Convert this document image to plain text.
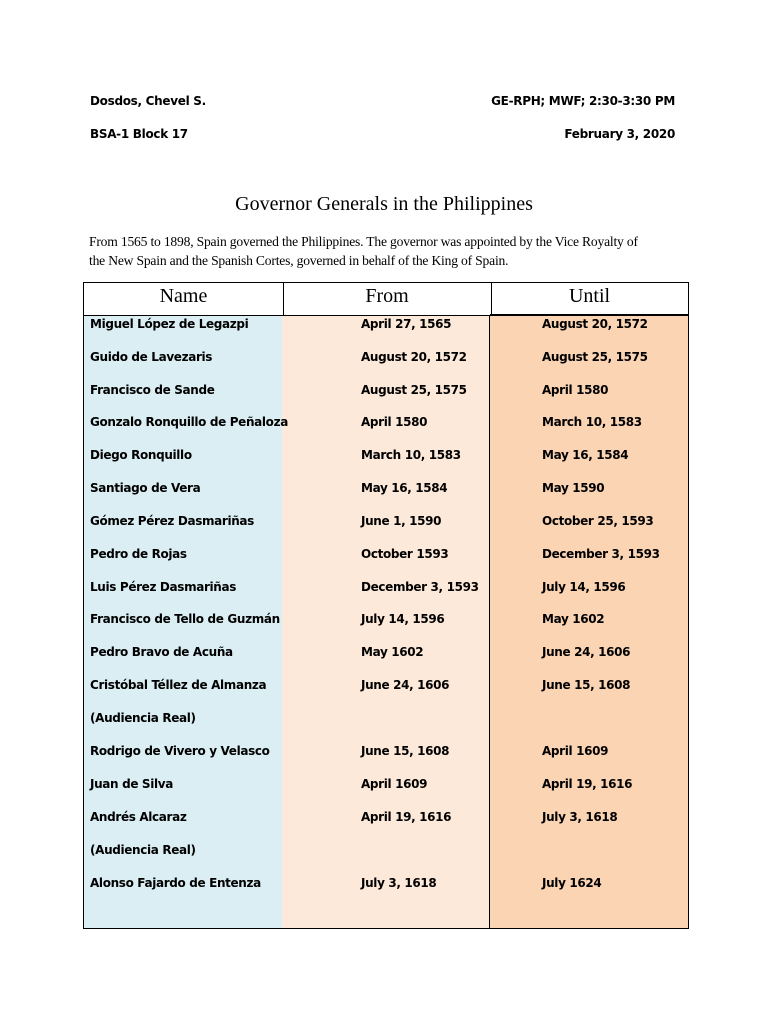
Dosdos, Chevel S.	GE-RPH; MWF; 2:30-3:30 PM
BSA-1 Block 17	February 3, 2020
Governor Generals in the Philippines
From 1565 to 1898, Spain governed the Philippines. The governor was appointed by the Vice Royalty of
the New Spain and the Spanish Cortes, governed in behalf of the King of Spain.
Name	From	Until
Miguel López de Legazpi	April 27, 1565	August 20, 1572
Guido de Lavezaris	August 20, 1572	August 25, 1575
Francisco de Sande	August 25, 1575	April 1580
Gonzalo Ronquillo de Peñaloza	April 1580	March 10, 1583
Diego Ronquillo	March 10, 1583	May 16, 1584
Santiago de Vera	May 16, 1584	May 1590
Gómez Pérez Dasmariñas	June 1, 1590	October 25, 1593
Pedro de Rojas	October 1593	December 3, 1593
Luis Pérez Dasmariñas	December 3, 1593	July 14, 1596
Francisco de Tello de Guzmán	July 14, 1596	May 1602
Pedro Bravo de Acuña	May 1602	June 24, 1606
Cristóbal Téllez de Almanza	June 24, 1606	June 15, 1608
(Audiencia Real)
Rodrigo de Vivero y Velasco	June 15, 1608	April 1609
Juan de Silva	April 1609	April 19, 1616
Andrés Alcaraz	April 19, 1616	July 3, 1618
(Audiencia Real)
Alonso Fajardo de Entenza	July 3, 1618	July 1624
